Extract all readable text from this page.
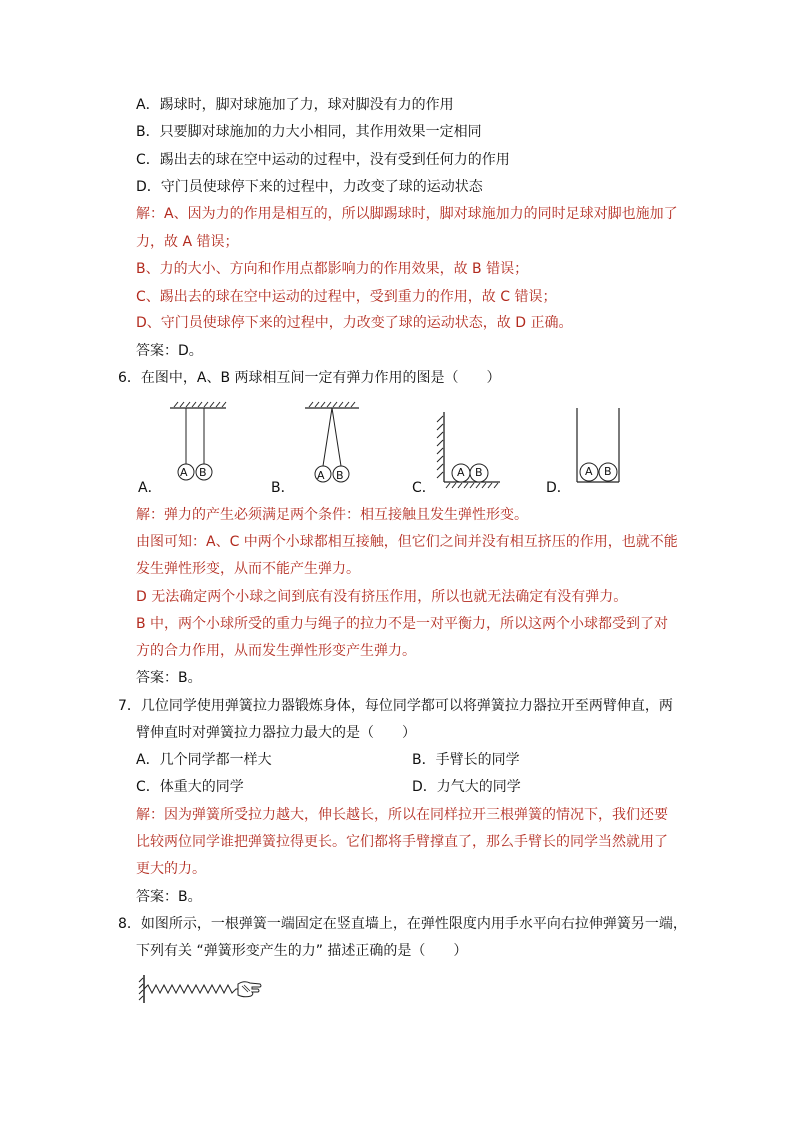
A．踢球时，脚对球施加了力，球对脚没有力的作用
B．只要脚对球施加的力大小相同，其作用效果一定相同
C．踢出去的球在空中运动的过程中，没有受到任何力的作用
D．守门员使球停下来的过程中，力改变了球的运动状态
解：A、因为力的作用是相互的，所以脚踢球时，脚对球施加力的同时足球对脚也施加了
力，故 A 错误；
B、力的大小、方向和作用点都影响力的作用效果，故 B 错误；
C、踢出去的球在空中运动的过程中，受到重力的作用，故 C 错误；
D、守门员使球停下来的过程中，力改变了球的运动状态，故 D 正确。
答案：D。
6．在图中，A、B 两球相互间一定有弹力作用的图是（　　）
A B
A．
A B
B．
A B
C．
A B
D．
解：弹力的产生必须满足两个条件：相互接触且发生弹性形变。
由图可知：A、C 中两个小球都相互接触，但它们之间并没有相互挤压的作用，也就不能
发生弹性形变，从而不能产生弹力。
D 无法确定两个小球之间到底有没有挤压作用，所以也就无法确定有没有弹力。
B 中，两个小球所受的重力与绳子的拉力不是一对平衡力，所以这两个小球都受到了对
方的合力作用，从而发生弹性形变产生弹力。
答案：B。
7．几位同学使用弹簧拉力器锻炼身体，每位同学都可以将弹簧拉力器拉开至两臂伸直，两
臂伸直时对弹簧拉力器拉力最大的是（　　）
A．几个同学都一样大	B．手臂长的同学
C．体重大的同学	D．力气大的同学
解：因为弹簧所受拉力越大，伸长越长，所以在同样拉开三根弹簧的情况下，我们还要
比较两位同学谁把弹簧拉得更长。它们都将手臂撑直了，那么手臂长的同学当然就用了
更大的力。
答案：B。
8．如图所示，一根弹簧一端固定在竖直墙上，在弹性限度内用手水平向右拉伸弹簧另一端，
下列有关 “弹簧形变产生的力” 描述正确的是（　　）
